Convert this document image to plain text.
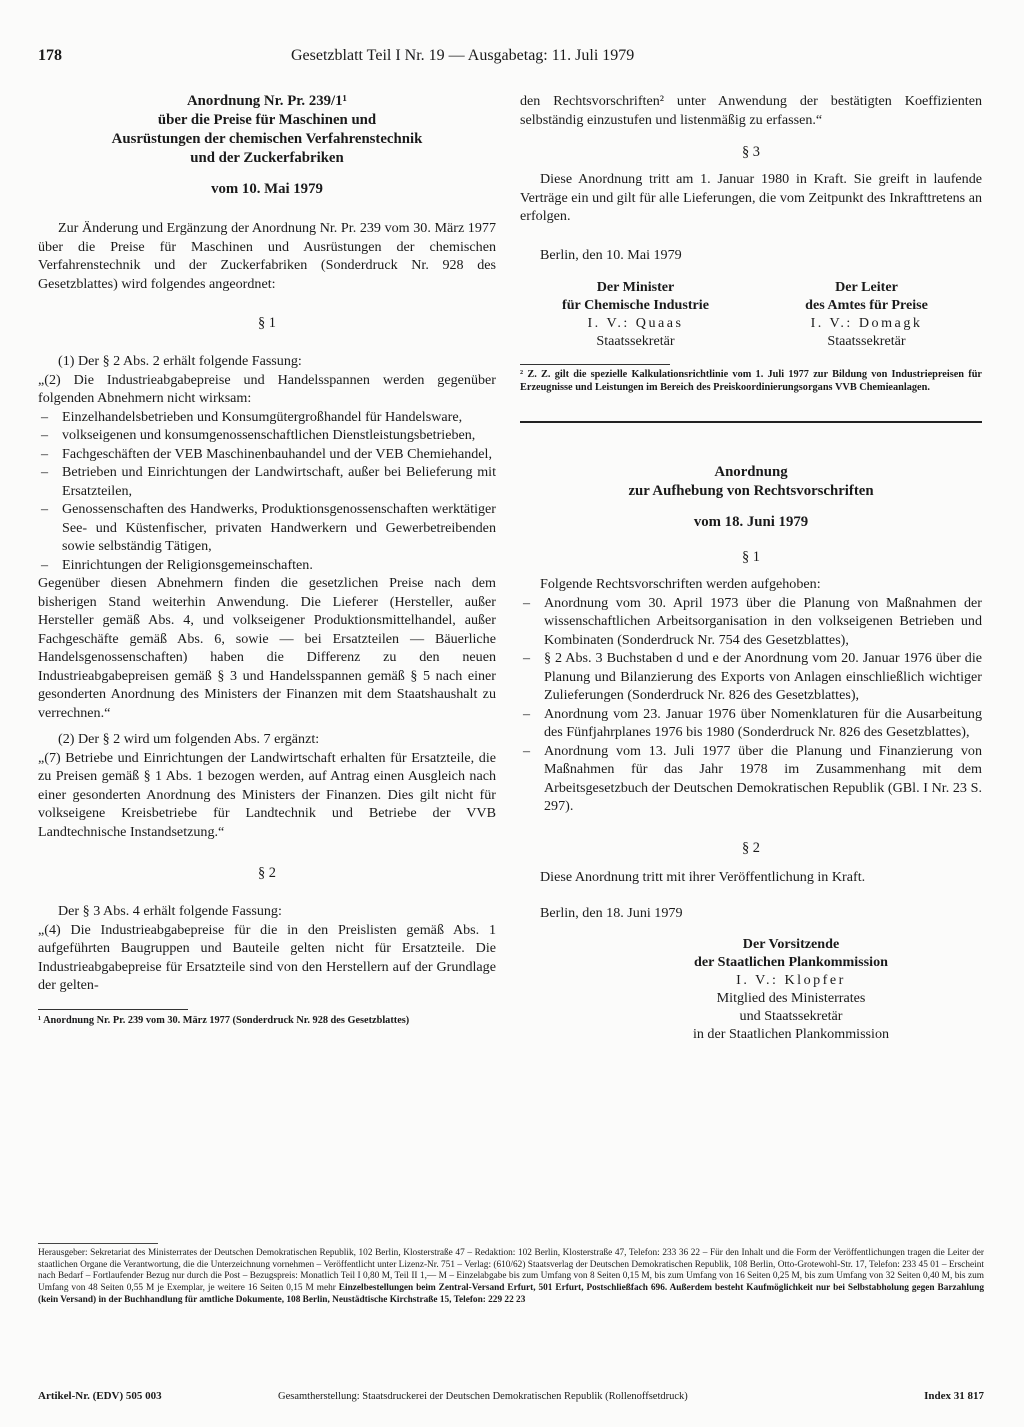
178	Gesetzblatt Teil I Nr. 19 — Ausgabetag: 11. Juli 1979
Anordnung Nr. Pr. 239/1¹
über die Preise für Maschinen und
Ausrüstungen der chemischen Verfahrenstechnik
und der Zuckerfabriken
vom 10. Mai 1979

Zur Änderung und Ergänzung der Anordnung Nr. Pr. 239 vom 30. März 1977 über die Preise für Maschinen und Ausrüstungen der chemischen Verfahrenstechnik und der Zuckerfabriken (Sonderdruck Nr. 928 des Gesetzblattes) wird folgendes angeordnet:

§ 1

(1) Der § 2 Abs. 2 erhält folgende Fassung:

„(2) Die Industrieabgabepreise und Handelsspannen werden gegenüber folgenden Abnehmern nicht wirksam:

– Einzelhandelsbetrieben und Konsumgütergroßhandel für Handelsware,
– volkseigenen und konsumgenossenschaftlichen Dienstleistungsbetrieben,
– Fachgeschäften der VEB Maschinenbauhandel und der VEB Chemiehandel,
– Betrieben und Einrichtungen der Landwirtschaft, außer bei Belieferung mit Ersatzteilen,
– Genossenschaften des Handwerks, Produktionsgenossenschaften werktätiger See- und Küstenfischer, privaten Handwerkern und Gewerbetreibenden sowie selbständig Tätigen,
– Einrichtungen der Religionsgemeinschaften.

Gegenüber diesen Abnehmern finden die gesetzlichen Preise nach dem bisherigen Stand weiterhin Anwendung. Die Lieferer (Hersteller, außer Hersteller gemäß Abs. 4, und volkseigener Produktionsmittelhandel, außer Fachgeschäfte gemäß Abs. 6, sowie — bei Ersatzteilen — Bäuerliche Handelsgenossenschaften) haben die Differenz zu den neuen Industrieabgabepreisen gemäß § 3 und Handelsspannen gemäß § 5 nach einer gesonderten Anordnung des Ministers der Finanzen mit dem Staatshaushalt zu verrechnen.“

(2) Der § 2 wird um folgenden Abs. 7 ergänzt:

„(7) Betriebe und Einrichtungen der Landwirtschaft erhalten für Ersatzteile, die zu Preisen gemäß § 1 Abs. 1 bezogen werden, auf Antrag einen Ausgleich nach einer gesonderten Anordnung des Ministers der Finanzen. Dies gilt nicht für volkseigene Kreisbetriebe für Landtechnik und Betriebe der VVB Landtechnische Instandsetzung.“

§ 2

Der § 3 Abs. 4 erhält folgende Fassung:

„(4) Die Industrieabgabepreise für die in den Preislisten gemäß Abs. 1 aufgeführten Baugruppen und Bauteile gelten nicht für Ersatzteile. Die Industrieabgabepreise für Ersatzteile sind von den Herstellern auf der Grundlage der gelten-

¹ Anordnung Nr. Pr. 239 vom 30. März 1977 (Sonderdruck Nr. 928 des Gesetzblattes)

den Rechtsvorschriften² unter Anwendung der bestätigten Koeffizienten selbständig einzustufen und listenmäßig zu erfassen.“

§ 3

Diese Anordnung tritt am 1. Januar 1980 in Kraft. Sie greift in laufende Verträge ein und gilt für alle Lieferungen, die vom Zeitpunkt des Inkrafttretens an erfolgen.

Berlin, den 10. Mai 1979

Der Minister
für Chemische Industrie
I. V.: Quaas
Staatssekretär
Der Leiter
des Amtes für Preise
I. V.: Domagk
Staatssekretär
² Z. Z. gilt die spezielle Kalkulationsrichtlinie vom 1. Juli 1977 zur Bildung von Industriepreisen für Erzeugnisse und Leistungen im Bereich des Preiskoordinierungsorgans VVB Chemieanlagen.
Anordnung
zur Aufhebung von Rechtsvorschriften
vom 18. Juni 1979
§ 1

Folgende Rechtsvorschriften werden aufgehoben:

– Anordnung vom 30. April 1973 über die Planung von Maßnahmen der wissenschaftlichen Arbeitsorganisation in den volkseigenen Betrieben und Kombinaten (Sonderdruck Nr. 754 des Gesetzblattes),
– § 2 Abs. 3 Buchstaben d und e der Anordnung vom 20. Januar 1976 über die Planung und Bilanzierung des Exports von Anlagen einschließlich wichtiger Zulieferungen (Sonderdruck Nr. 826 des Gesetzblattes),
– Anordnung vom 23. Januar 1976 über Nomenklaturen für die Ausarbeitung des Fünfjahrplanes 1976 bis 1980 (Sonderdruck Nr. 826 des Gesetzblattes),
– Anordnung vom 13. Juli 1977 über die Planung und Finanzierung von Maßnahmen für das Jahr 1978 im Zusammenhang mit dem Arbeitsgesetzbuch der Deutschen Demokratischen Republik (GBl. I Nr. 23 S. 297).
§ 2

Diese Anordnung tritt mit ihrer Veröffentlichung in Kraft.

Berlin, den 18. Juni 1979

Der Vorsitzende
der Staatlichen Plankommission
I. V.: Klopfer
Mitglied des Ministerrates
und Staatssekretär
in der Staatlichen Plankommission
Herausgeber: Sekretariat des Ministerrates der Deutschen Demokratischen Republik, 102 Berlin, Klosterstraße 47 – Redaktion: 102 Berlin, Klosterstraße 47, Telefon: 233 36 22 – Für den Inhalt und die Form der Veröffentlichungen tragen die Leiter der staatlichen Organe die Verantwortung, die die Unterzeichnung vornehmen – Veröffentlicht unter Lizenz-Nr. 751 – Verlag: (610/62) Staatsverlag der Deutschen Demokratischen Republik, 108 Berlin, Otto-Grotewohl-Str. 17, Telefon: 233 45 01 – Erscheint nach Bedarf – Fortlaufender Bezug nur durch die Post – Bezugspreis: Monatlich Teil I 0,80 M, Teil II 1,— M – Einzelabgabe bis zum Umfang von 8 Seiten 0,15 M, bis zum Umfang von 16 Seiten 0,25 M, bis zum Umfang von 32 Seiten 0,40 M, bis zum Umfang von 48 Seiten 0,55 M je Exemplar, je weitere 16 Seiten 0,15 M mehr Einzelbestellungen beim Zentral-Versand Erfurt, 501 Erfurt, Postschließfach 696. Außerdem besteht Kaufmöglichkeit nur bei Selbstabholung gegen Barzahlung (kein Versand) in der Buchhandlung für amtliche Dokumente, 108 Berlin, Neustädtische Kirchstraße 15, Telefon: 229 22 23
Artikel-Nr. (EDV) 505 003	Gesamtherstellung: Staatsdruckerei der Deutschen Demokratischen Republik (Rollenoffsetdruck)	Index 31 817
